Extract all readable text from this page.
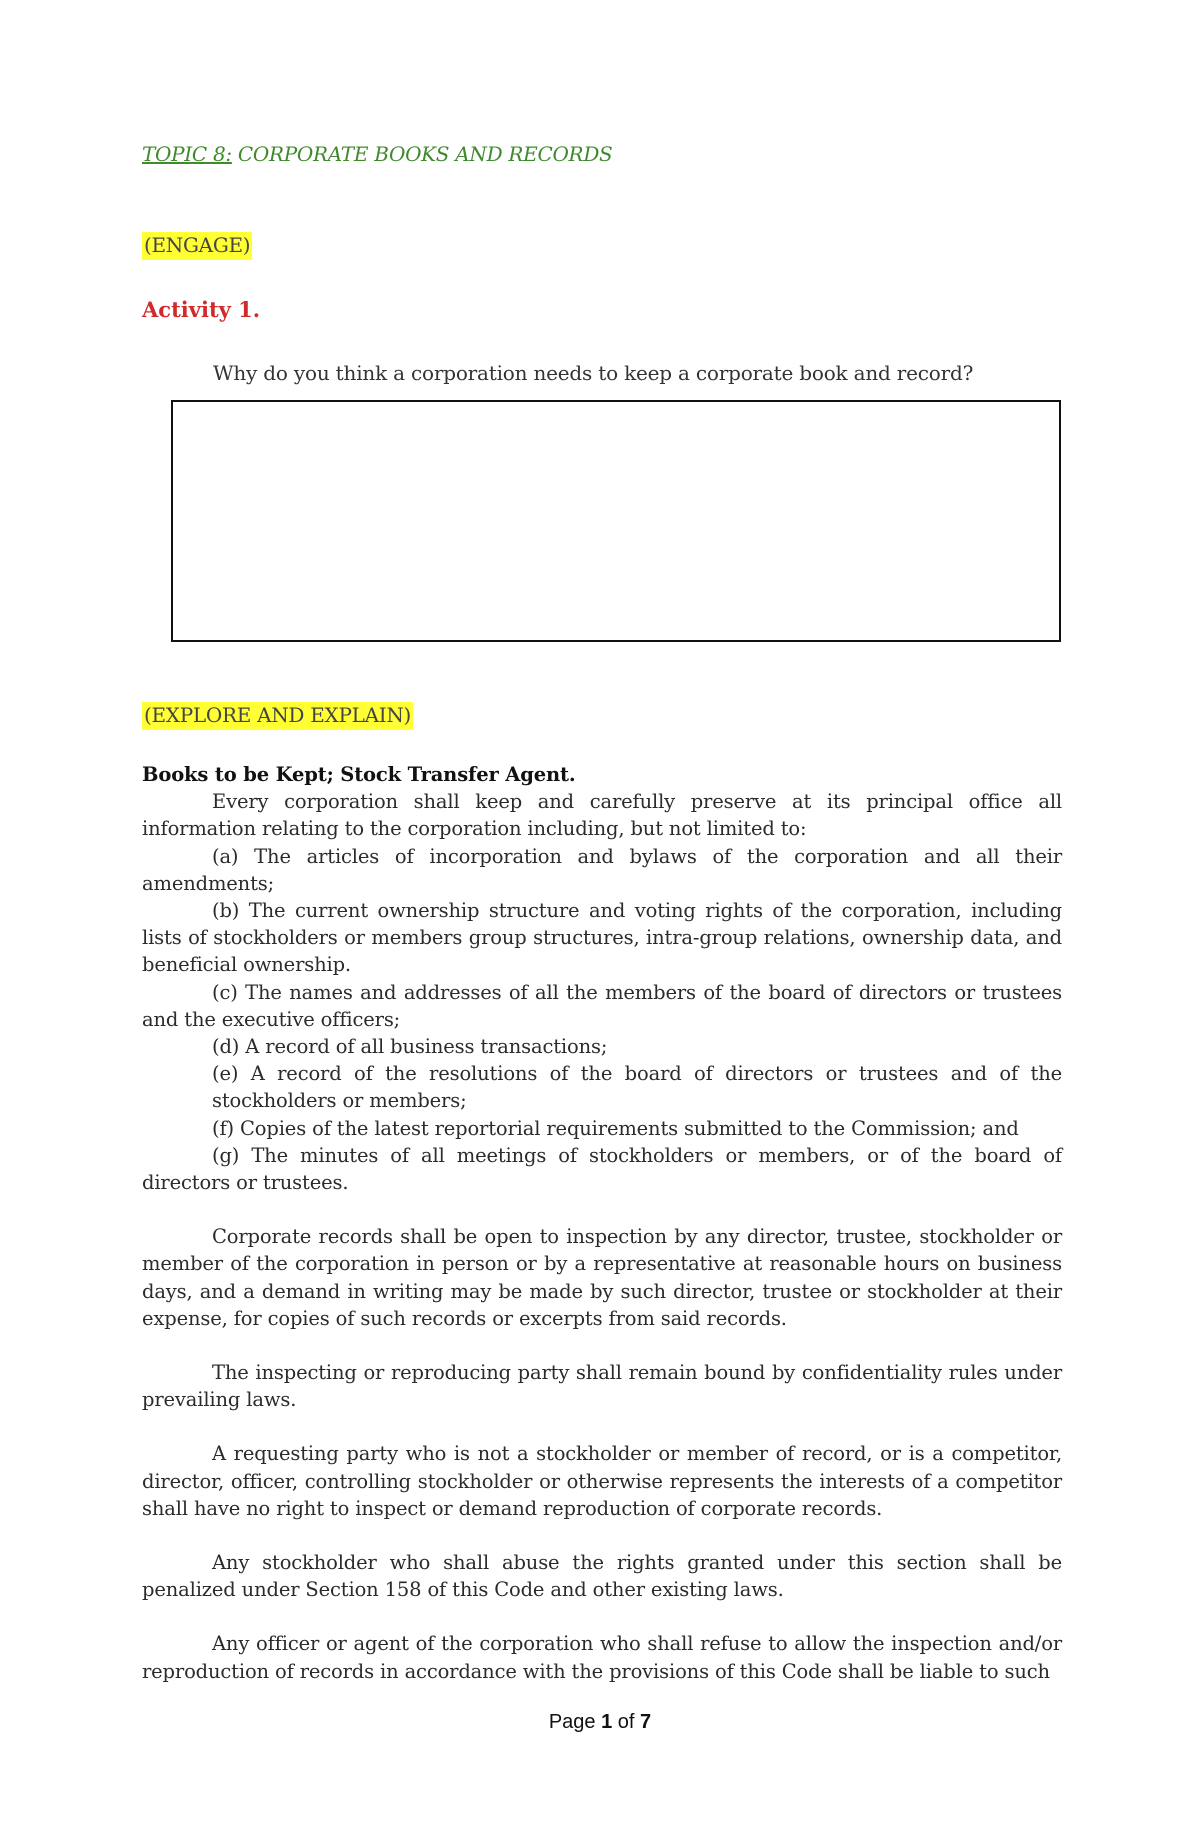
TOPIC 8: CORPORATE BOOKS AND RECORDS
(ENGAGE)
Activity 1.
Why do you think a corporation needs to keep a corporate book and record?
(EXPLORE AND EXPLAIN)

Books to be Kept; Stock Transfer Agent.

Every corporation shall keep and carefully preserve at its principal office all information relating to the corporation including, but not limited to:

(a) The articles of incorporation and bylaws of the corporation and all their amendments;

(b) The current ownership structure and voting rights of the corporation, including lists of stockholders or members group structures, intra-group relations, ownership data, and beneficial ownership.

(c) The names and addresses of all the members of the board of directors or trustees and the executive officers;

(d) A record of all business transactions;

(e) A record of the resolutions of the board of directors or trustees and of the stockholders or members;

(f) Copies of the latest reportorial requirements submitted to the Commission; and

(g) The minutes of all meetings of stockholders or members, or of the board of directors or trustees.

Corporate records shall be open to inspection by any director, trustee, stockholder or member of the corporation in person or by a representative at reasonable hours on business days, and a demand in writing may be made by such director, trustee or stockholder at their expense, for copies of such records or excerpts from said records.

The inspecting or reproducing party shall remain bound by confidentiality rules under prevailing laws.

A requesting party who is not a stockholder or member of record, or is a competitor, director, officer, controlling stockholder or otherwise represents the interests of a competitor shall have no right to inspect or demand reproduction of corporate records.

Any stockholder who shall abuse the rights granted under this section shall be penalized under Section 158 of this Code and other existing laws.

Any officer or agent of the corporation who shall refuse to allow the inspection and/or reproduction of records in accordance with the provisions of this Code shall be liable to such

Page 1 of 7
